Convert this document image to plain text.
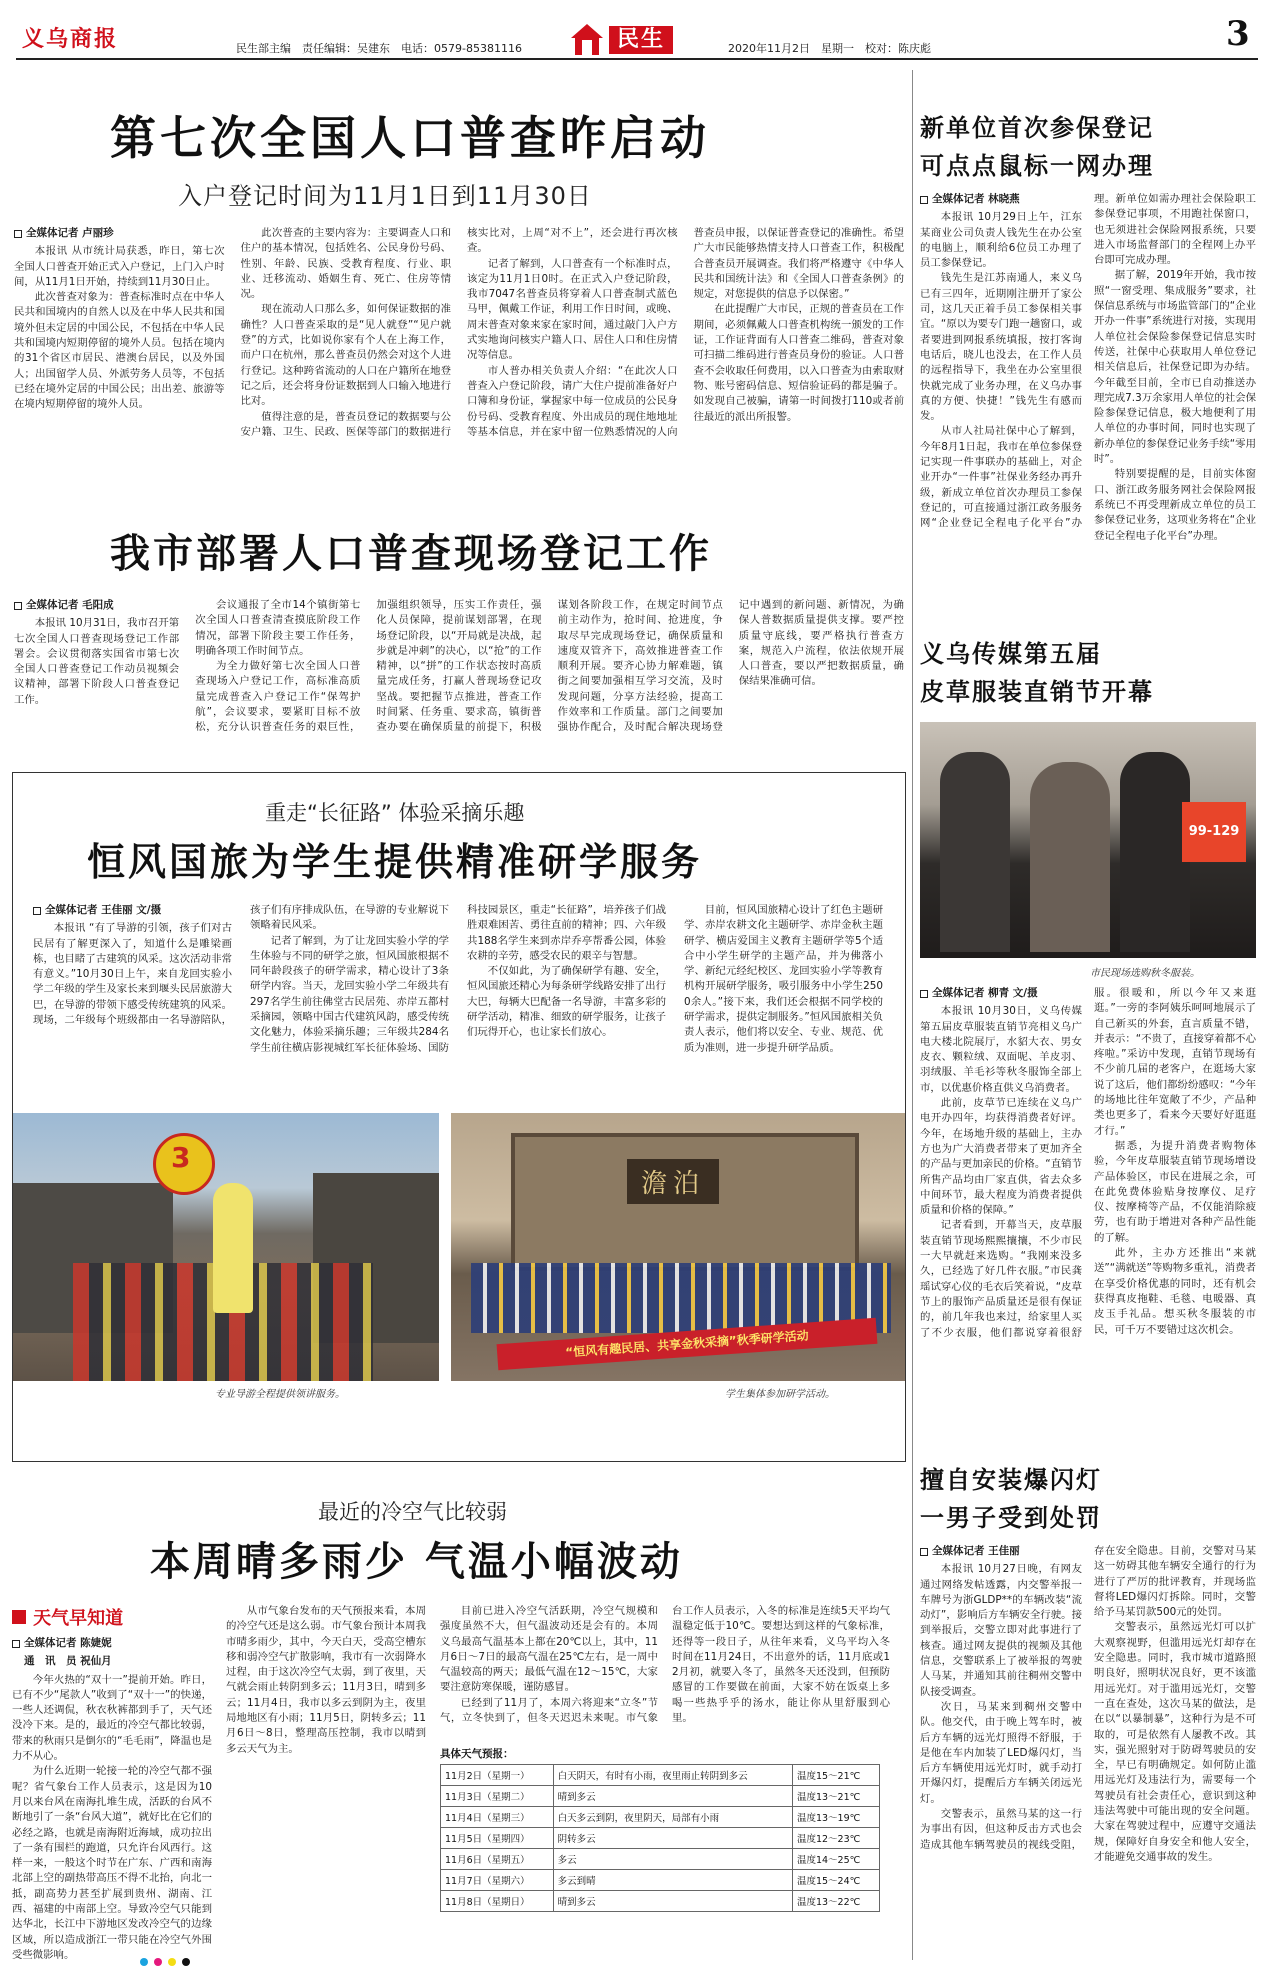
义乌商报	民生部主编　责任编辑：吴建东　电话：0579-85381116	民生	2020年11月2日　星期一　校对：陈庆彪	3
第七次全国人口普查昨启动
入户登记时间为11月1日到11月30日
全媒体记者 卢丽珍

本报讯 从市统计局获悉，昨日，第七次全国人口普查开始正式入户登记，上门入户时间，从11月1日开始，持续到11月30日止。

此次普查对象为：普查标准时点在中华人民共和国境内的自然人以及在中华人民共和国境外但未定居的中国公民，不包括在中华人民共和国境内短期停留的境外人员。包括在境内的31个省区市居民、港澳台居民，以及外国人；出国留学人员、外派劳务人员等，不包括已经在境外定居的中国公民；出出差、旅游等在境内短期停留的境外人员。

此次普查的主要内容为：主要调查人口和住户的基本情况，包括姓名、公民身份号码、性别、年龄、民族、受教育程度、行业、职业、迁移流动、婚姻生育、死亡、住房等情况。

现在流动人口那么多，如何保证数据的准确性？人口普查采取的是“见人就登”“见户就登”的方式，比如说你家有个人在上海工作，而户口在杭州，那么普查员仍然会对这个人进行登记。这种跨省流动的人口在户籍所在地登记之后，还会将身份证数据到人口输入地进行比对。

值得注意的是，普查员登记的数据要与公安户籍、卫生、民政、医保等部门的数据进行核实比对，上周“对不上”，还会进行再次核查。

记者了解到，人口普查有一个标准时点，该定为11月1日0时。在正式入户登记阶段，我市7047名普查员将穿着人口普查制式蓝色马甲，佩戴工作证，利用工作日时间，或晚、周末普查对象来家在家时间，通过敲门入户方式实地询问核实户籍人口、居住人口和住房情况等信息。

市人普办相关负责人介绍：“在此次人口普查入户登记阶段，请广大住户提前准备好户口簿和身份证，掌握家中每一位成员的公民身份号码、受教育程度、外出成员的现住地地址等基本信息，并在家中留一位熟悉情况的人向普查员申报，以保证普查登记的准确性。希望广大市民能够热情支持人口普查工作，积极配合普查员开展调查。我们将严格遵守《中华人民共和国统计法》和《全国人口普查条例》的规定，对您提供的信息予以保密。”

在此提醒广大市民，正规的普查员在工作期间，必须佩戴人口普查机构统一颁发的工作证，工作证背面有人口普查二维码，普查对象可扫描二维码进行普查员身份的验证。人口普查不会收取任何费用，以入口普查为由索取财物、账号密码信息、短信验证码的都是骗子。如发现自己被骗，请第一时间拨打110或者前往最近的派出所报警。

我市部署人口普查现场登记工作
全媒体记者 毛阳成

本报讯 10月31日，我市召开第七次全国人口普查现场登记工作部署会。会议贯彻落实国省市第七次全国人口普查登记工作动员视频会议精神，部署下阶段人口普查登记工作。

会议通报了全市14个镇街第七次全国人口普查清查摸底阶段工作情况，部署下阶段主要工作任务，明确各项工作时间节点。

为全力做好第七次全国人口普查现场入户登记工作，高标准高质量完成普查入户登记工作“保驾护航”，会议要求，要紧盯目标不放松，充分认识普查任务的艰巨性，加强组织领导，压实工作责任，强化人员保障，提前谋划部署，在现场登记阶段，以“开局就是决战，起步就是冲刺”的决心，以“抢”的工作精神，以“拼”的工作状态按时高质量完成任务，打赢人普现场登记攻坚战。要把握节点推进，普查工作时间紧、任务重、要求高，镇街普查办要在确保质量的前提下，积极谋划各阶段工作，在规定时间节点前主动作为，抢时间、抢进度，争取尽早完成现场登记，确保质量和速度双管齐下，高效推进普查工作顺利开展。要齐心协力解难题，镇街之间要加强相互学习交流，及时发现问题，分享方法经验，提高工作效率和工作质量。部门之间要加强协作配合，及时配合解决现场登记中遇到的新问题、新情况，为确保人普数据质量提供支撑。要严控质量守底线，要严格执行普查方案，规范入户流程，依法依规开展人口普查，要以严把数据质量，确保结果准确可信。

重走“长征路” 体验采摘乐趣
恒风国旅为学生提供精准研学服务
全媒体记者 王佳丽 文/摄

本报讯 “有了导游的引领，孩子们对古民居有了解更深入了，知道什么是雕梁画栋，也目睹了古建筑的风采。这次活动非常有意义。”10月30日上午，来自龙回实验小学二年级的学生及家长来到堰头民居旅游大巴，在导游的带领下感受传统建筑的风采。现场，二年级每个班级都由一名导游陪队，孩子们有序排成队伍，在导游的专业解说下领略着民风采。

记者了解到，为了让龙回实验小学的学生体验与不同的研学之旅，恒风国旅根据不同年龄段孩子的研学需求，精心设计了3条研学内容。当天，龙回实验小学二年级共有297名学生前往佛堂古民居苑、赤岸五都村采摘园，领略中国古代建筑风韵，感受传统文化魅力，体验采摘乐趣；三年级共284名学生前往横店影视城红军长征体验场、国防科技园景区，重走“长征路”，培养孩子们战胜艰难困苦、勇往直前的精神；四、六年级共188名学生来到赤岸乔亭帮番公园，体验农耕的辛劳，感受农民的艰辛与智慧。

不仅如此，为了确保研学有趣、安全，恒风国旅还精心为每条研学线路安排了出行大巴，每辆大巴配备一名导游，丰富多彩的研学活动，精准、细致的研学服务，让孩子们玩得开心，也让家长们放心。

目前，恒风国旅精心设计了红色主题研学、赤岸农耕文化主题研学、赤岸金秋主题研学、横店爱国主义教育主题研学等5个适合中小学生研学的主题产品，并为佛落小学、新纪元经纪校区、龙回实验小学等教育机构开展研学服务，吸引服务中小学生2500余人。”接下来，我们还会根据不同学校的研学需求，提供定制服务。”恒风国旅相关负责人表示，他们将以安全、专业、规范、优质为准则，进一步提升研学品质。

3
专业导游全程提供领讲服务。
澹泊
“恒风有趣民居、共享金秋采摘”秋季研学活动
学生集体参加研学活动。
最近的冷空气比较弱
本周晴多雨少 气温小幅波动
天气早知道
全媒体记者 陈婕妮
通　讯　员 祝仙月

今年火热的“双十一”提前开始。昨日，已有不少“尾款人”收到了“双十一”的快递，一些人还调侃，秋衣秋裤都到手了，天气还没冷下来。是的，最近的冷空气都比较弱，带来的秋雨只是倒尔的“毛毛雨”，降温也是力不从心。

为什么近期一轮接一轮的冷空气都不强呢？省气象台工作人员表示，这是因为10月以来台风在南海扎堆生成，活跃的台风不断地引了一条“台风大道”，就好比在它们的必经之路，也就是南海附近海域，成功拉出了一条有围栏的跑道，只允许台风西行。这样一来，一般这个时节在广东、广西和南海北部上空的副热带高压不得不北抬，向北一抵，副高势力甚至扩展到贵州、湖南、江西、福建的中南部上空。导致冷空气只能到达华北，长江中下游地区发改冷空气的边缘区域，所以造成浙江一带只能在冷空气外围受些微影响。

从市气象台发布的天气预报来看，本周的冷空气还是这么弱。市气象台预计本周我市晴多雨少，其中，今天白天，受高空槽东移和弱冷空气扩散影响，我市有一次弱降水过程，由于这次冷空气太弱，到了夜里，天气就会雨止转阴到多云；11月3日，晴到多云；11月4日，我市以多云到阴为主，夜里局地地区有小雨；11月5日，阴转多云；11月6日～8日，整理高压控制，我市以晴到多云天气为主。

目前已进入冷空气活跃期，冷空气规模和强度虽然不大，但气温波动还是会有的。本周义乌最高气温基本上都在20℃以上，其中，11月6日～7日的最高气温在25℃左右，是一周中气温较高的两天；最低气温在12～15℃，大家要注意防寒保暖，谨防感冒。

已经到了11月了，本周六将迎来“立冬”节气，立冬快到了，但冬天迟迟未来呢。市气象台工作人员表示，入冬的标准是连续5天平均气温稳定低于10℃。要想达到这样的气象标准，还得等一段日子，从往年来看，义乌平均入冬时间在11月24日，不出意外的话，11月底或12月初，就要入冬了，虽然冬天还没到，但预防感冒的工作要做在前面，大家不妨在饭桌上多喝一些热乎乎的汤水，能让你从里舒服到心里。

具体天气预报：
11月2日（星期一）	白天阴天，有时有小雨，夜里雨止转阴到多云	温度15～21℃
11月3日（星期二）	晴到多云	温度13～21℃
11月4日（星期三）	白天多云到阴，夜里阴天，局部有小雨	温度13～19℃
11月5日（星期四）	阴转多云	温度12～23℃
11月6日（星期五）	多云	温度14～25℃
11月7日（星期六）	多云到晴	温度15～24℃
11月8日（星期日）	晴到多云	温度13～22℃
新单位首次参保登记
可点点鼠标一网办理
全媒体记者 林晓燕

本报讯 10月29日上午，江东某商业公司负责人钱先生在办公室的电脑上，顺利给6位员工办理了员工参保登记。

钱先生是江苏南通人，来义乌已有三四年，近期刚注册开了家公司，这几天正着手员工参保相关事宜。“原以为要专门跑一趟窗口，或者要进到网报系统填报，按打客询电话后，晓儿也没去，在工作人员的远程指导下，我坐在办公室里很快就完成了业务办理，在义乌办事真的方便、快捷！”钱先生有感而发。

从市人社局社保中心了解到，今年8月1日起，我市在单位参保登记实现一件事联办的基础上，对企业开办“一件事”社保业务经办再升级，新成立单位首次办理员工参保登记的，可直接通过浙江政务服务网“企业登记全程电子化平台”办理。新单位如需办理社会保险职工参保登记事项，不用跑社保窗口，也无须进社会保险网报系统，只要进入市场监督部门的全程网上办平台即可完成办理。

据了解，2019年开始，我市按照“一窗受理、集成服务”要求，社保信息系统与市场监管部门的“企业开办一件事”系统进行对接，实现用人单位社会保险参保登记信息实时传送，社保中心获取用人单位登记相关信息后，社保登记即为办结。今年截至目前，全市已自动推送办理完成7.3万余家用人单位的社会保险参保登记信息，极大地便利了用人单位的办事时间，同时也实现了新办单位的参保登记业务手续“零用时”。

特别要提醒的是，目前实体窗口、浙江政务服务网社会保险网报系统已不再受理新成立单位的员工参保登记业务，这项业务将在“企业登记全程电子化平台”办理。

义乌传媒第五届
皮草服装直销节开幕
99-129
市民现场选购秋冬服装。
全媒体记者 柳青 文/摄

本报讯 10月30日，义乌传媒第五届皮草服装直销节亮相义乌广电大楼北院展厅，水貂大衣、男女皮衣、颗粒绒、双面呢、羊皮羽、羽绒服、羊毛衫等秋冬服饰全部上市，以优惠价格直供义乌消费者。

此前，皮草节已连续在义乌广电开办四年，均获得消费者好评。今年，在场地升级的基础上，主办方也为广大消费者带来了更加齐全的产品与更加亲民的价格。“直销节所售产品均由厂家直供，省去众多中间环节，最大程度为消费者提供质量和价格的保障。”

记者看到，开幕当天，皮草服装直销节现场熙熙攘攘，不少市民一大早就赶来选购。“我刚来没多久，已经选了好几件衣服。”市民龚瑶试穿心仪的毛衣后笑着说，“皮草节上的服饰产品质量还是很有保证的，前几年我也来过，给家里人买了不少衣服，他们都说穿着很舒服。很暖和，所以今年又来逛逛。”一旁的李阿姨乐呵呵地展示了自己新买的外套，直言质量不错，并表示：“不贵了，直接穿着都不心疼啦。”采访中发现，直销节现场有不少前几届的老客户，在逛场大家说了这后，他们都纷纷感叹：“今年的场地比往年宽敞了不少，产品种类也更多了，看来今天要好好逛逛才行。”

据悉，为提升消费者购物体验，今年皮草服装直销节现场增设产品体验区，市民在进展之余，可在此免费体验贴身按摩仪、足疗仪、按摩椅等产品，不仅能消除疲劳，也有助于增进对各种产品性能的了解。

此外，主办方还推出“来就送”“满就送”等购物多重礼，消费者在享受价格优惠的同时，还有机会获得真皮拖鞋、毛毯、电暖器、真皮玉手礼品。想买秋冬服装的市民，可千万不要错过这次机会。

擅自安装爆闪灯
一男子受到处罚
全媒体记者 王佳丽

本报讯 10月27日晚，有网友通过网络发帖透露，内交警举报一车牌号为浙GLDP**的车辆改装“流动灯”，影响后方车辆安全行驶。接到举报后，交警立即对此事进行了核查。通过网友提供的视频及其他信息，交警联系上了被举报的驾驶人马某，并通知其前往稠州交警中队接受调查。

次日，马某来到稠州交警中队。他交代，由于晚上驾车时，被后方车辆的远光灯照得不舒服，于是他在车内加装了LED爆闪灯，当后方车辆使用远光灯时，就手动打开爆闪灯，提醒后方车辆关闭远光灯。

交警表示，虽然马某的这一行为事出有因，但这种反击方式也会造成其他车辆驾驶员的视线受阻，存在安全隐患。目前，交警对马某这一妨碍其他车辆安全通行的行为进行了严厉的批评教育，并现场监督将LED爆闪灯拆除。同时，交警给予马某罚款500元的处罚。

交警表示，虽然远光灯可以扩大观察视野，但滥用远光灯却存在安全隐患。同时，我市城市道路照明良好，照明状况良好，更不该滥用远光灯。对于滥用远光灯，交警一直在查处，这次马某的做法，是在以“以暴制暴”，这种行为是不可取的，可是依然有人屡教不改。其实，强光照射对于防碍驾驶员的安全，早已有明确规定。如何防止滥用远光灯及违法行为，需要每一个驾驶员有社会责任心，意识到这种违法驾驶中可能出现的安全问题。大家在驾驶过程中，应遵守交通法规，保障好自身安全和他人安全，才能避免交通事故的发生。
